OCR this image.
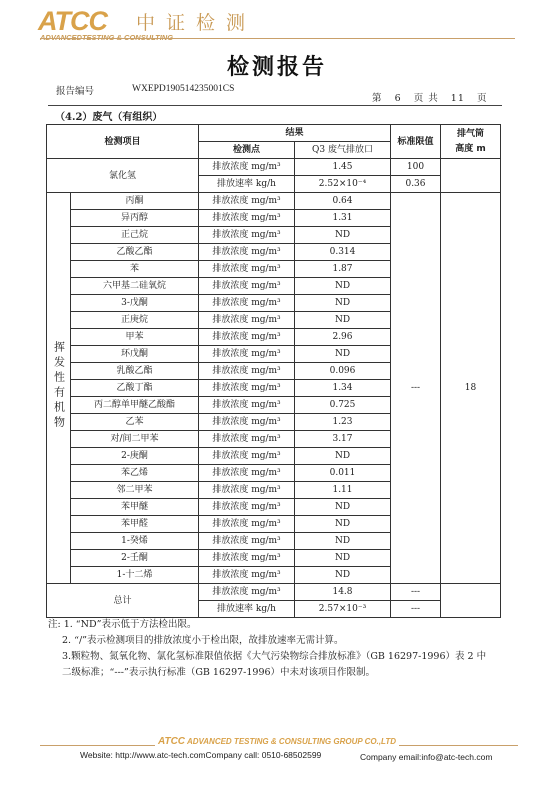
ATCC 中证检测
ADVANCEDTESTING & CONSULTING
检测报告
报告编号	WXEPD190514235001CS
第 6 页 共 11 页
（4.2）废气（有组织）
检测项目		结果		标准限值	排气筒
高度 m
		检测点	Q3 废气排放口		
氯化氢		排放浓度 mg/m³	1.45	100	
		排放速率 kg/h	2.52×10⁻⁴	0.36	
挥发性有机物	丙酮	排放浓度 mg/m³	0.64	---	18
	异丙醇	排放浓度 mg/m³	1.31		
	正己烷	排放浓度 mg/m³	ND		
	乙酸乙酯	排放浓度 mg/m³	0.314		
	苯	排放浓度 mg/m³	1.87		
	六甲基二硅氧烷	排放浓度 mg/m³	ND		
	3-戊酮	排放浓度 mg/m³	ND		
	正庚烷	排放浓度 mg/m³	ND		
	甲苯	排放浓度 mg/m³	2.96		
	环戊酮	排放浓度 mg/m³	ND		
	乳酸乙酯	排放浓度 mg/m³	0.096		
	乙酸丁酯	排放浓度 mg/m³	1.34		
	丙二醇单甲醚乙酸酯	排放浓度 mg/m³	0.725		
	乙苯	排放浓度 mg/m³	1.23		
	对/间二甲苯	排放浓度 mg/m³	3.17		
	2-庚酮	排放浓度 mg/m³	ND		
	苯乙烯	排放浓度 mg/m³	0.011		
	邻二甲苯	排放浓度 mg/m³	1.11		
	苯甲醚	排放浓度 mg/m³	ND		
	苯甲醛	排放浓度 mg/m³	ND		
	1-癸烯	排放浓度 mg/m³	ND		
	2-壬酮	排放浓度 mg/m³	ND		
	1-十二烯	排放浓度 mg/m³	ND		
总计		排放浓度 mg/m³	14.8	---	
		排放速率 kg/h	2.57×10⁻³	---	
注: 1. “ND”表示低于方法检出限。
2. “/”表示检测项目的排放浓度小于检出限，故排放速率无需计算。
3.颗粒物、氮氧化物、氯化氢标准限值依据《大气污染物综合排放标准》（GB 16297-1996）表 2 中
二级标准；“---”表示执行标准（GB 16297-1996）中未对该项目作限制。
ATCC ADVANCED TESTING & CONSULTING GROUP CO.,LTD
Website: http://www.atc-tech.comCompany call: 0510-68502599	Company email:info@atc-tech.com
